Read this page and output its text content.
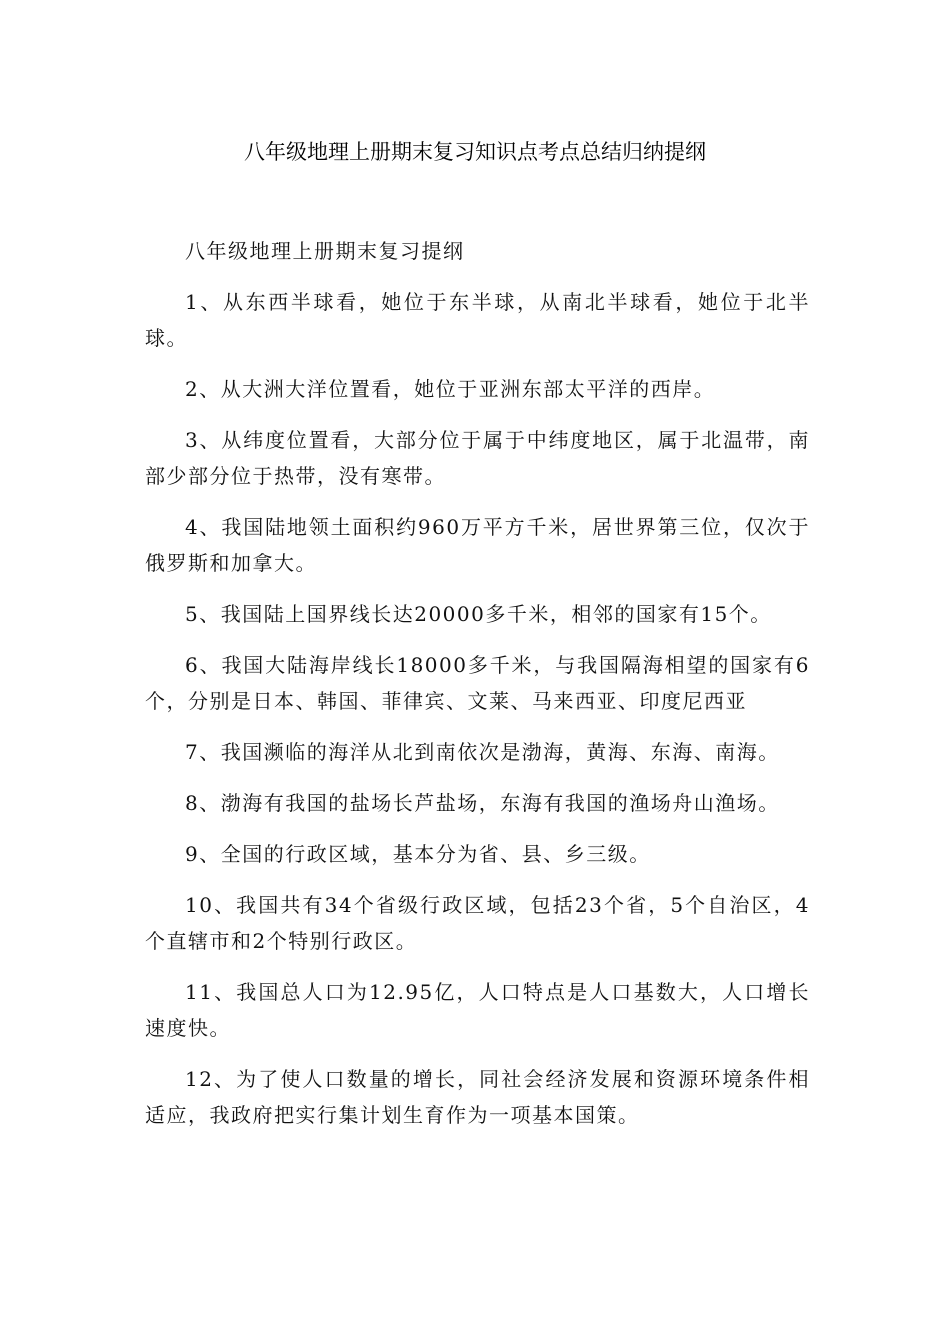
八年级地理上册期末复习知识点考点总结归纳提纲

八年级地理上册期末复习提纲

1、从东西半球看，她位于东半球，从南北半球看，她位于北半球。

2、从大洲大洋位置看，她位于亚洲东部太平洋的西岸。

3、从纬度位置看，大部分位于属于中纬度地区，属于北温带，南部少部分位于热带，没有寒带。

4、我国陆地领土面积约960万平方千米，居世界第三位，仅次于俄罗斯和加拿大。

5、我国陆上国界线长达20000多千米，相邻的国家有15个。

6、我国大陆海岸线长18000多千米，与我国隔海相望的国家有6个，分别是日本、韩国、菲律宾、文莱、马来西亚、印度尼西亚

7、我国濒临的海洋从北到南依次是渤海，黄海、东海、南海。

8、渤海有我国的盐场长芦盐场，东海有我国的渔场舟山渔场。

9、全国的行政区域，基本分为省、县、乡三级。

10、我国共有34个省级行政区域，包括23个省，5个自治区，4个直辖市和2个特别行政区。

11、我国总人口为12.95亿，人口特点是人口基数大，人口增长速度快。

12、为了使人口数量的增长，同社会经济发展和资源环境条件相适应，我政府把实行集计划生育作为一项基本国策。
